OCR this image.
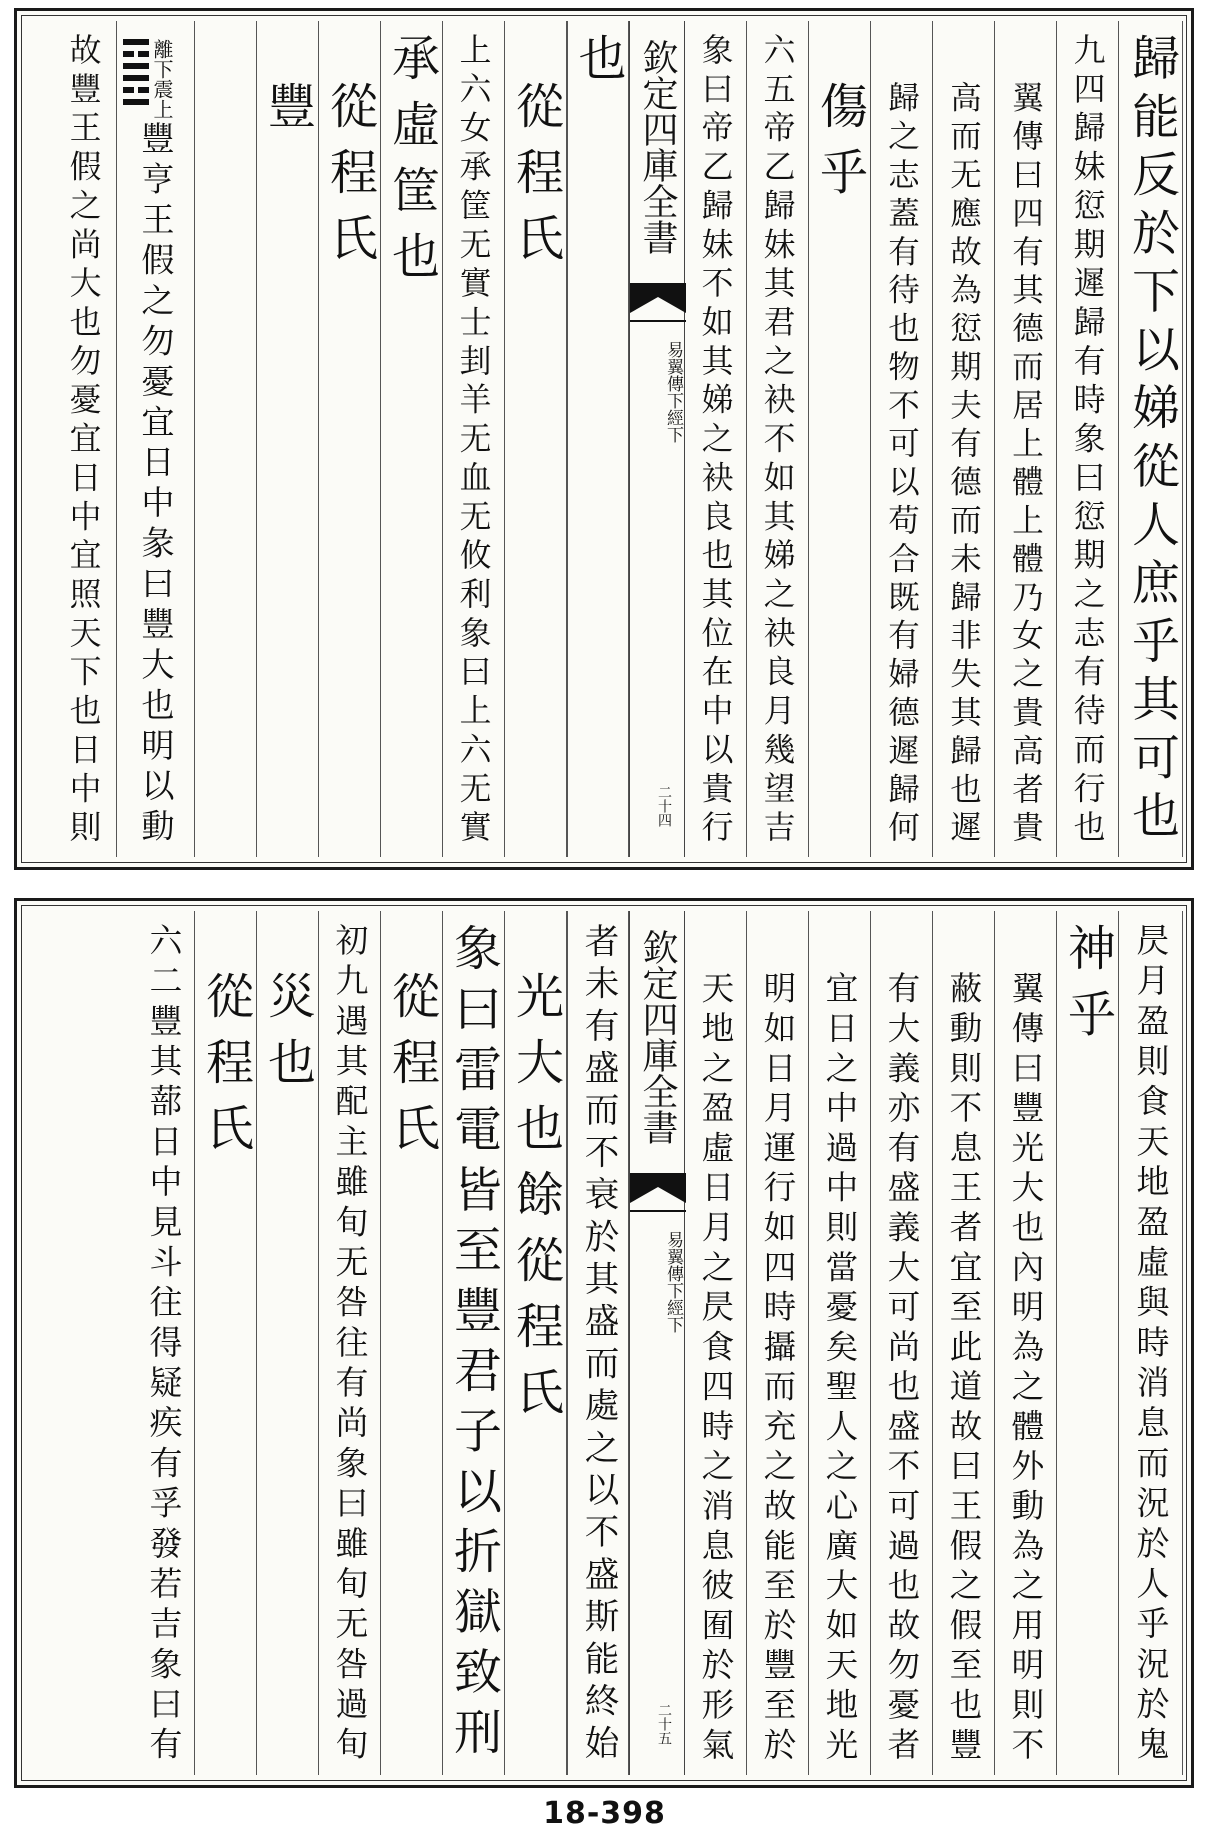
歸能反於下以娣從人庶乎其可也
九四歸妹愆期遲歸有時象曰愆期之志有待而行也
翼傳曰四有其德而居上體上體乃女之貴高者貴
高而无應故為愆期夫有德而未歸非失其歸也遲
歸之志蓋有待也物不可以苟合既有婦德遲歸何
傷乎
六五帝乙歸妹其君之袂不如其娣之袂良月幾望吉
象曰帝乙歸妹不如其娣之袂良也其位在中以貴行
欽定四庫全書
易翼傳
下經下
二十四
也
從程氏
上六女承筐无實士刲羊无血无攸利象曰上六无實
承虛筐也
從程氏
豐
離下
震上
豐亨王假之勿憂宜日中彖曰豐大也明以動
故豐王假之尚大也勿憂宜日中宜照天下也日中則
昃月盈則食天地盈虛與時消息而況於人乎況於鬼
神乎
翼傳曰豐光大也內明為之體外動為之用明則不
蔽動則不息王者宜至此道故曰王假之假至也豐
有大義亦有盛義大可尚也盛不可過也故勿憂者
宜日之中過中則當憂矣聖人之心廣大如天地光
明如日月運行如四時攝而充之故能至於豐至於
天地之盈虛日月之昃食四時之消息彼囿於形氣
欽定四庫全書
易翼傳
下經下
二十五
者未有盛而不衰於其盛而處之以不盛斯能終始
光大也餘從程氏
象曰雷電皆至豐君子以折獄致刑
從程氏
初九遇其配主雖旬无咎往有尚象曰雖旬无咎過旬
災也
從程氏
六二豐其蔀日中見斗往得疑疾有孚發若吉象曰有
18-398
